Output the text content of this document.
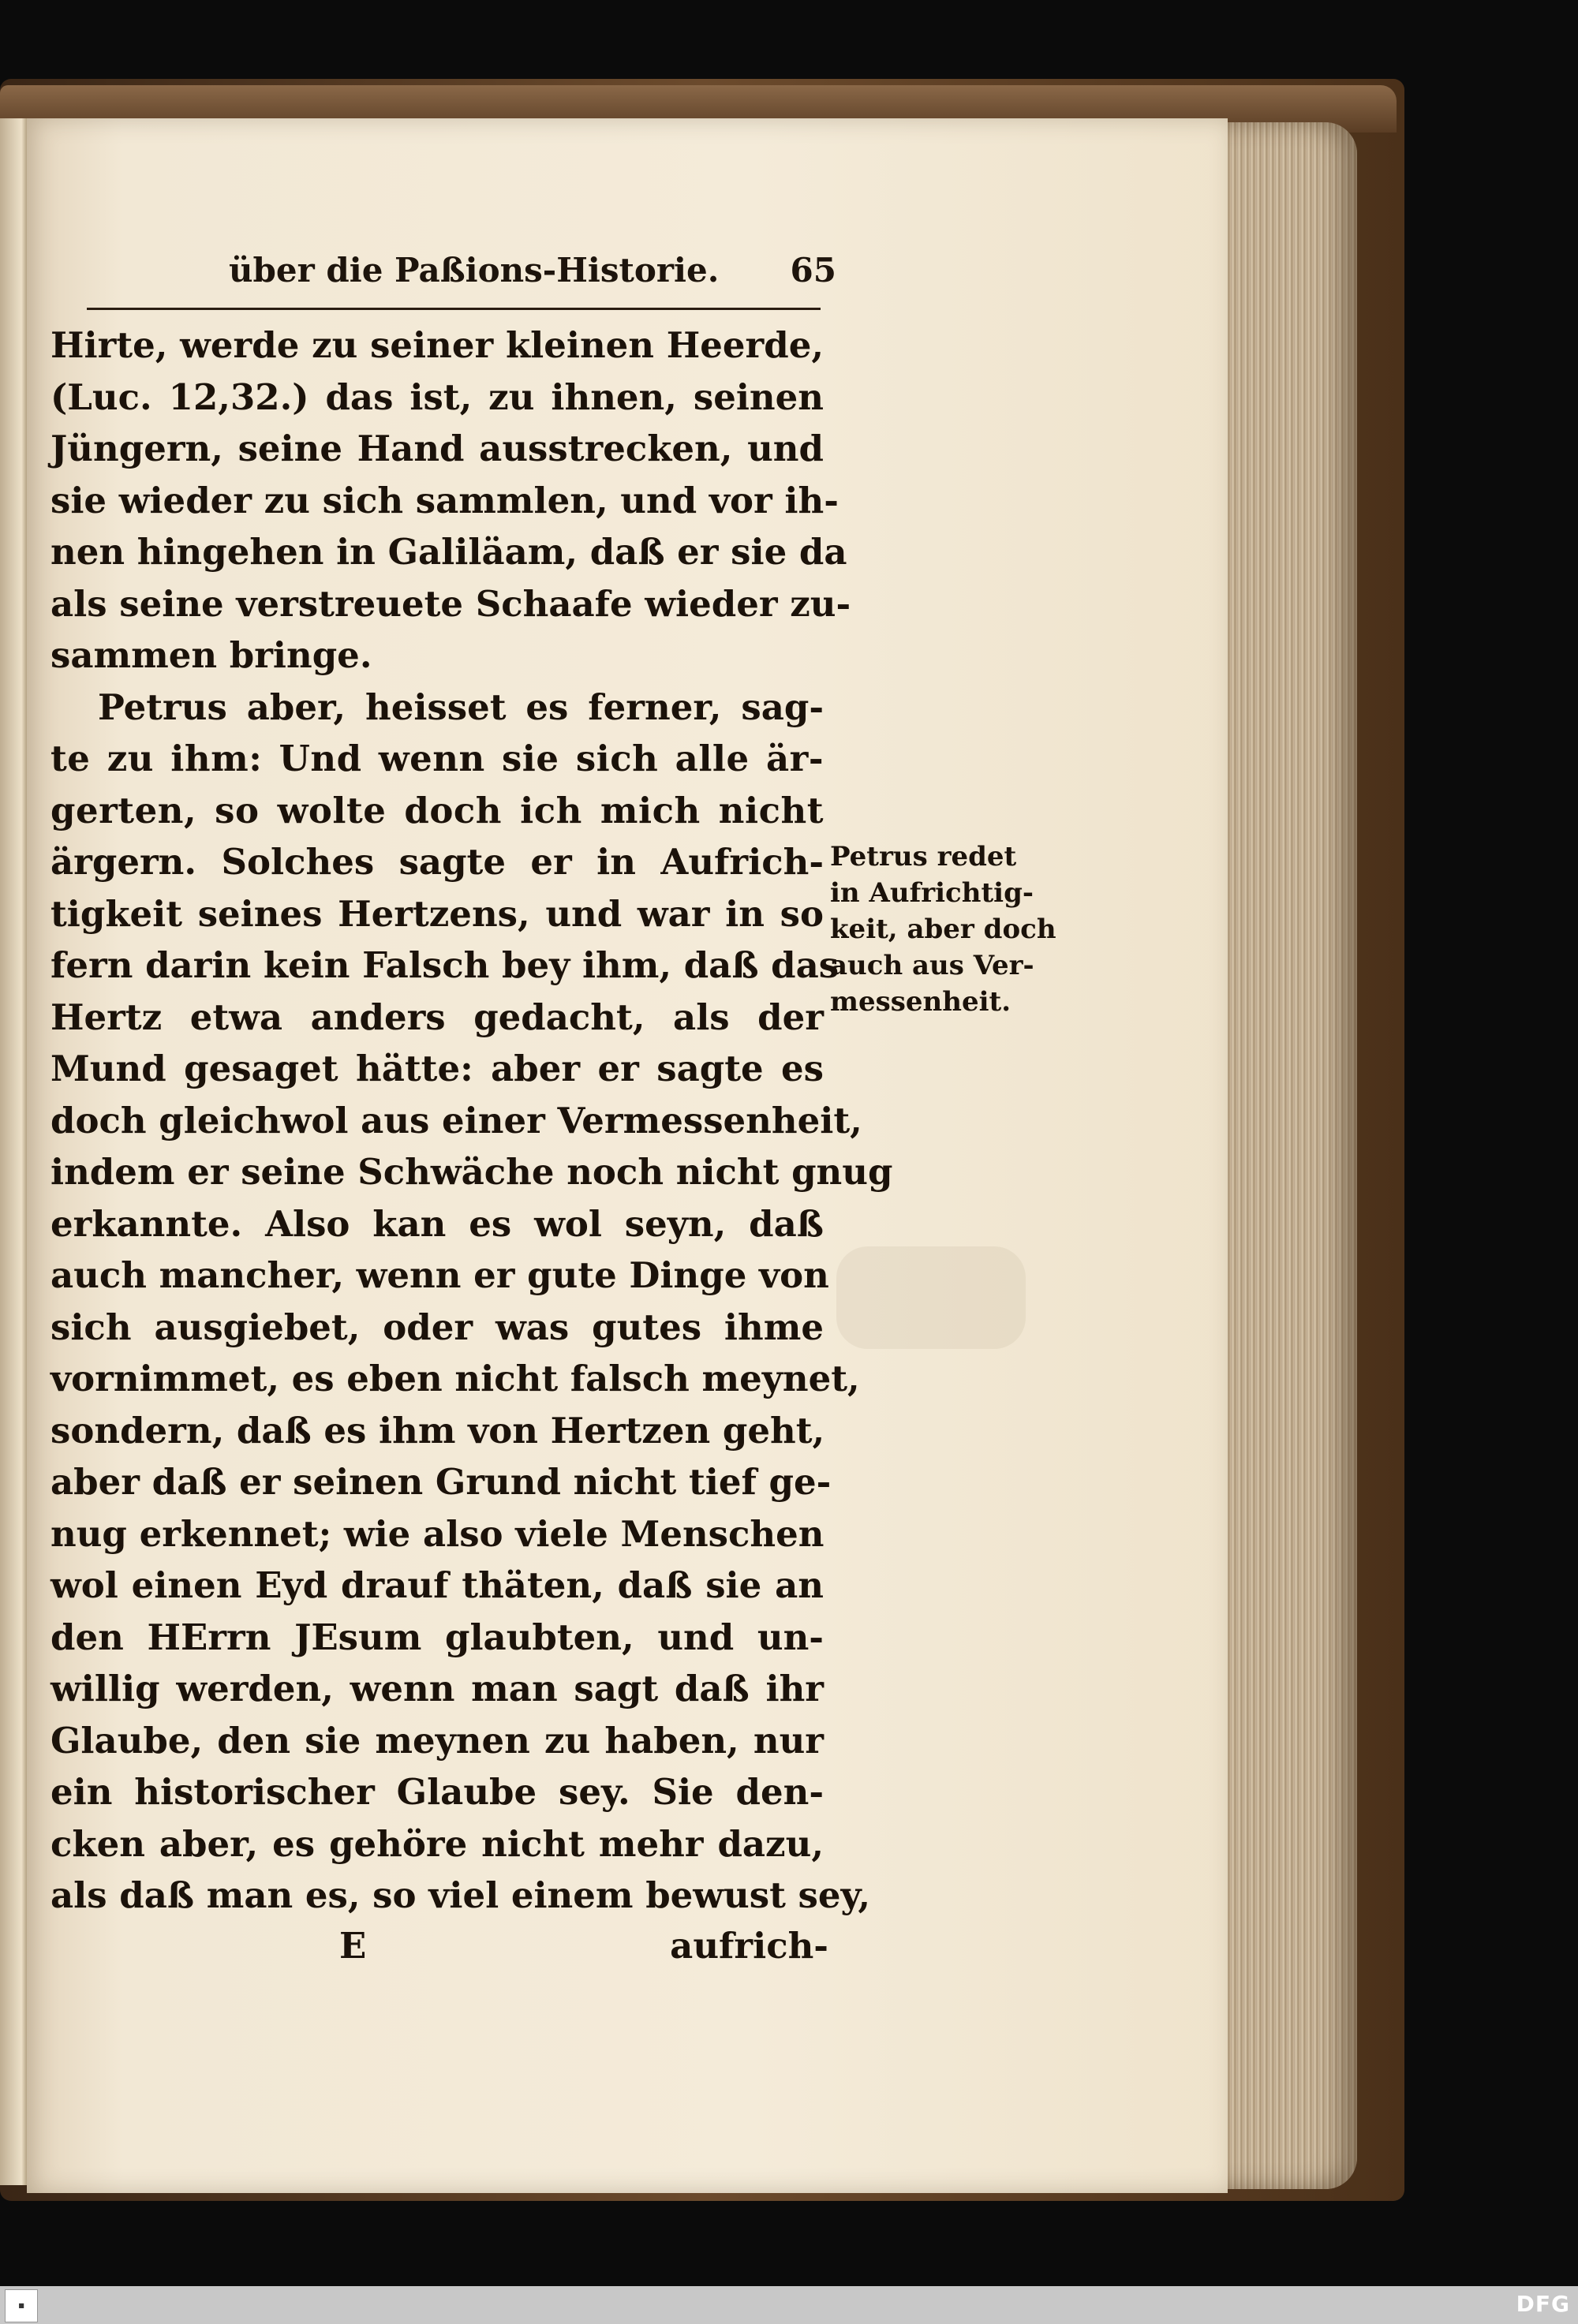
über die Paßions-Historie. 65
Hirte, werde zu seiner kleinen Heerde,
(Luc. 12,32.) das ist, zu ihnen, seinen
Jüngern, seine Hand ausstrecken, und
sie wieder zu sich sammlen, und vor ih-
nen hingehen in Galiläam, daß er sie da
als seine verstreuete Schaafe wieder zu-
sammen bringe.
Petrus aber, heisset es ferner, sag-
te zu ihm: Und wenn sie sich alle är-
gerten, so wolte doch ich mich nicht
ärgern. Solches sagte er in Aufrich-
tigkeit seines Hertzens, und war in so
fern darin kein Falsch bey ihm, daß das
Hertz etwa anders gedacht, als der
Mund gesaget hätte: aber er sagte es
doch gleichwol aus einer Vermessenheit,
indem er seine Schwäche noch nicht gnug
erkannte. Also kan es wol seyn, daß
auch mancher, wenn er gute Dinge von
sich ausgiebet, oder was gutes ihme
vornimmet, es eben nicht falsch meynet,
sondern, daß es ihm von Hertzen geht,
aber daß er seinen Grund nicht tief ge-
nug erkennet; wie also viele Menschen
wol einen Eyd drauf thäten, daß sie an
den HErrn JEsum glaubten, und un-
willig werden, wenn man sagt daß ihr
Glaube, den sie meynen zu haben, nur
ein historischer Glaube sey. Sie den-
cken aber, es gehöre nicht mehr dazu,
als daß man es, so viel einem bewust sey,
E	aufrich-
Petrus redet
in Aufrichtig-
keit, aber doch
auch aus Ver-
messenheit.
■	DFG
